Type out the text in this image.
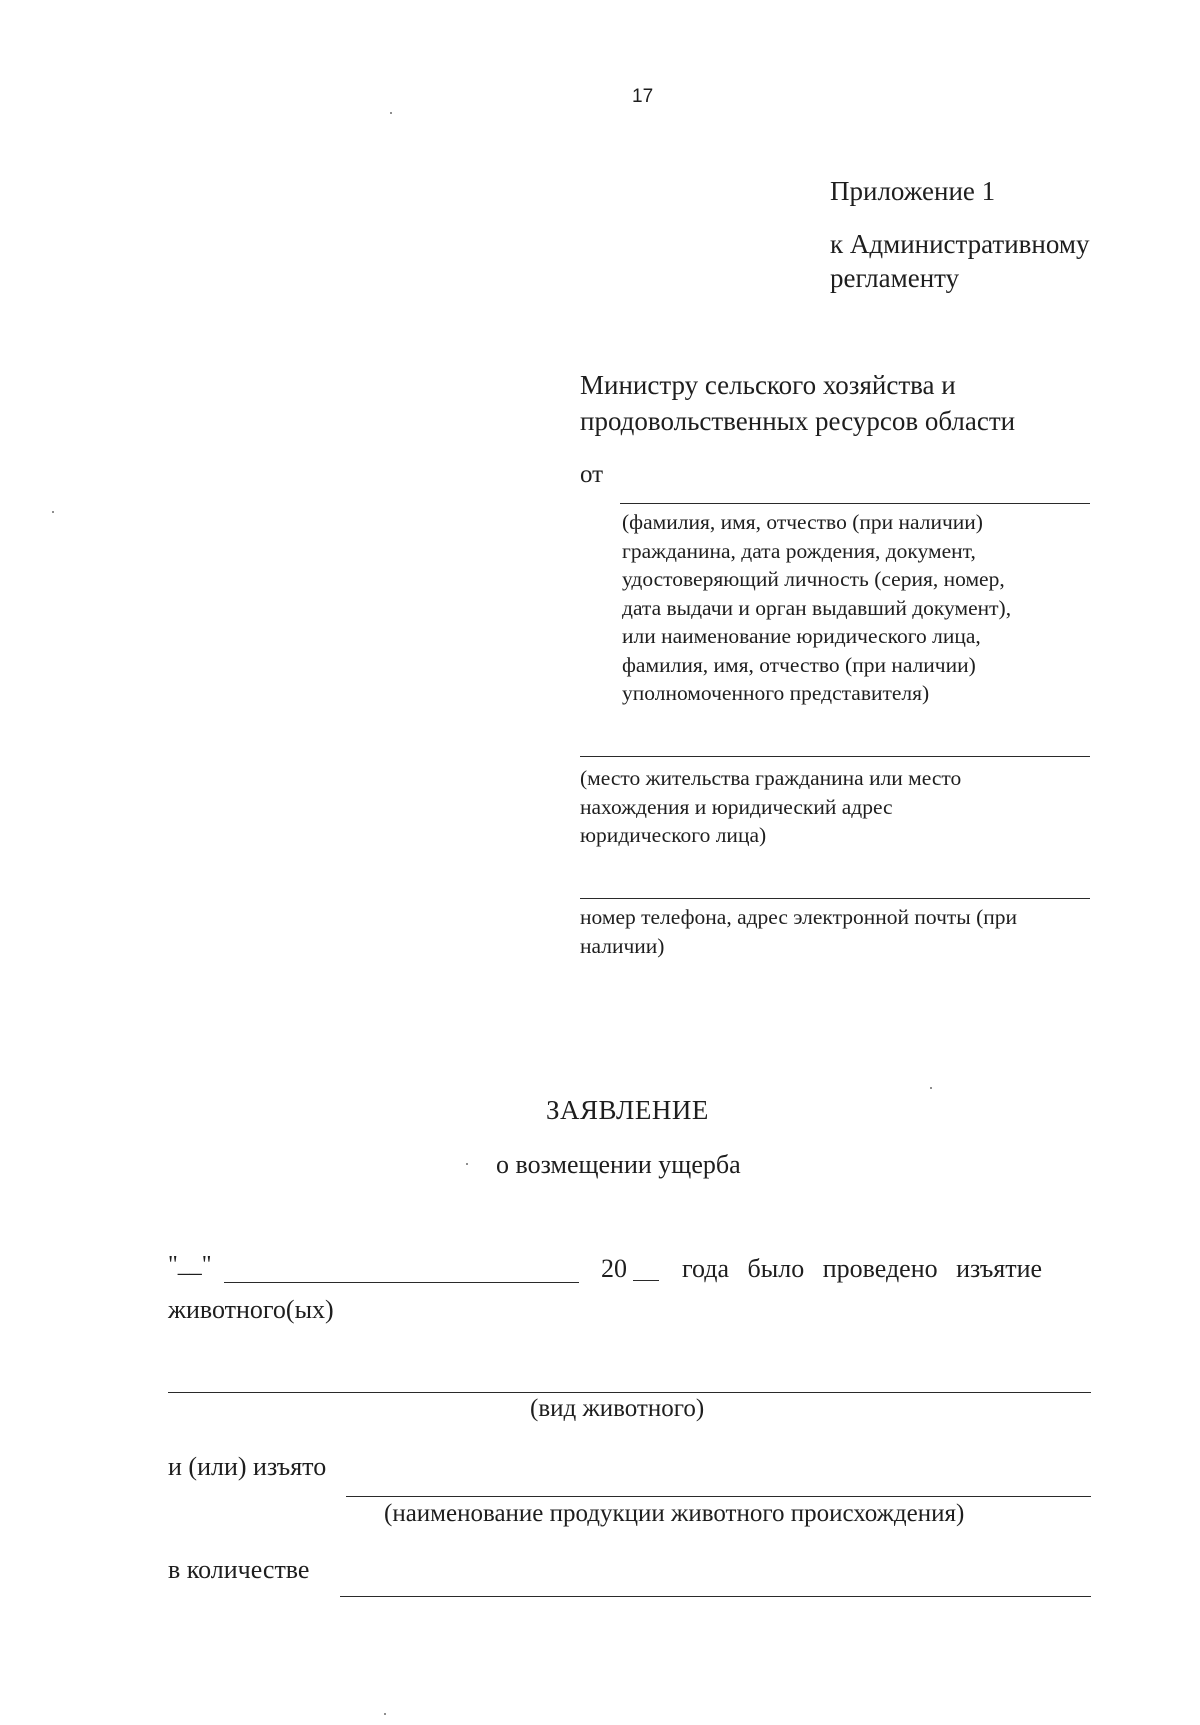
17
Приложение 1
к Административному
регламенту
Министру сельского хозяйства и
продовольственных ресурсов области
от
(фамилия, имя, отчество (при наличии)
гражданина, дата рождения, документ,
удостоверяющий личность (серия, номер,
дата выдачи и орган выдавший документ),
или наименование юридического лица,
фамилия, имя, отчество (при наличии)
уполномоченного представителя)
(место жительства гражданина или место
нахождения и юридический адрес
юридического лица)
номер телефона, адрес электронной почты (при
наличии)
ЗАЯВЛЕНИЕ
о возмещении ущерба
"__"	20 года было проведено изъятие
животного(ых)
(вид животного)
и (или) изъято
(наименование продукции животного происхождения)
в количестве
